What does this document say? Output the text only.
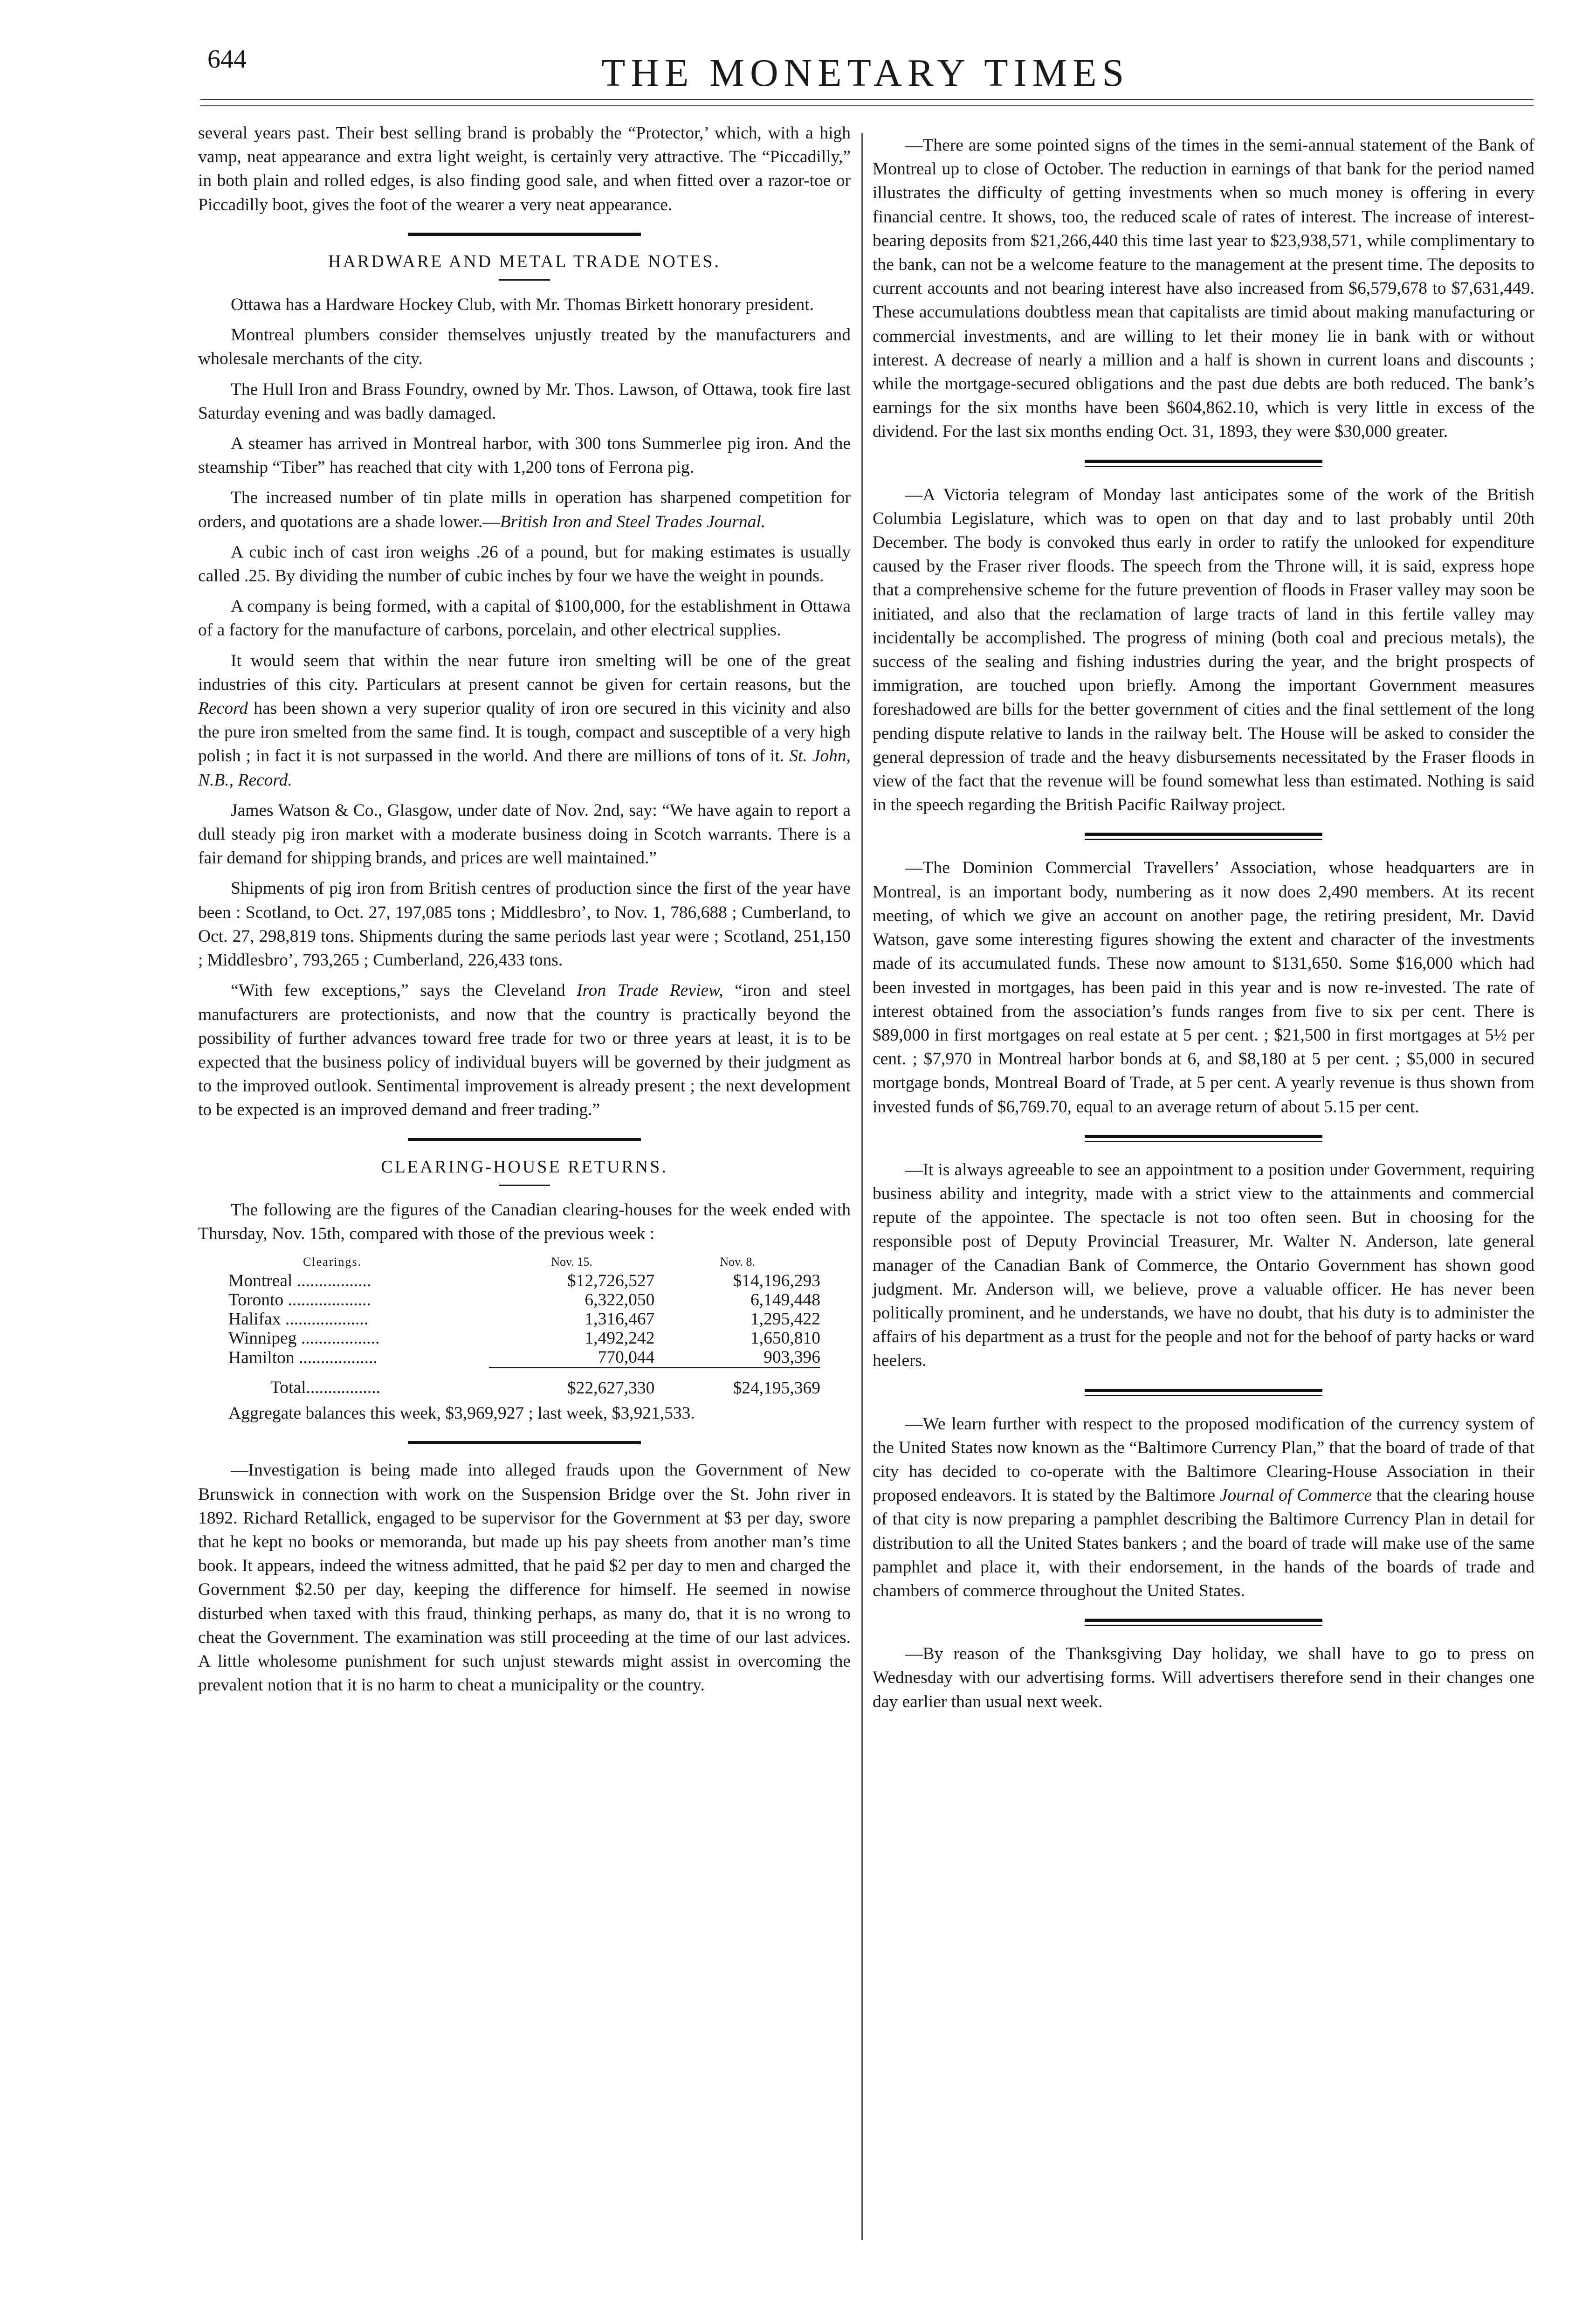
644	THE MONETARY TIMES

several years past. Their best selling brand is probably the “Protector,’ which, with a high vamp, neat appearance and extra light weight, is certainly very attractive. The “Piccadilly,” in both plain and rolled edges, is also finding good sale, and when fitted over a razor-toe or Piccadilly boot, gives the foot of the wearer a very neat appearance.

HARDWARE AND METAL TRADE NOTES.

Ottawa has a Hardware Hockey Club, with Mr. Thomas Birkett honorary president.

Montreal plumbers consider themselves unjustly treated by the manufacturers and wholesale merchants of the city.

The Hull Iron and Brass Foundry, owned by Mr. Thos. Lawson, of Ottawa, took fire last Saturday evening and was badly damaged.

A steamer has arrived in Montreal harbor, with 300 tons Summerlee pig iron. And the steamship “Tiber” has reached that city with 1,200 tons of Ferrona pig.

The increased number of tin plate mills in operation has sharpened competition for orders, and quotations are a shade lower.—British Iron and Steel Trades Journal.

A cubic inch of cast iron weighs .26 of a pound, but for making estimates is usually called .25. By dividing the number of cubic inches by four we have the weight in pounds.

A company is being formed, with a capital of $100,000, for the establishment in Ottawa of a factory for the manufacture of carbons, porcelain, and other electrical supplies.

It would seem that within the near future iron smelting will be one of the great industries of this city. Particulars at present cannot be given for certain reasons, but the Record has been shown a very superior quality of iron ore secured in this vicinity and also the pure iron smelted from the same find. It is tough, compact and susceptible of a very high polish ; in fact it is not surpassed in the world. And there are millions of tons of it. St. John, N.B., Record.

James Watson & Co., Glasgow, under date of Nov. 2nd, say: “We have again to report a dull steady pig iron market with a moderate business doing in Scotch warrants. There is a fair demand for shipping brands, and prices are well maintained.”

Shipments of pig iron from British centres of production since the first of the year have been : Scotland, to Oct. 27, 197,085 tons ; Middlesbro’, to Nov. 1, 786,688 ; Cumberland, to Oct. 27, 298,819 tons. Shipments during the same periods last year were ; Scotland, 251,150 ; Middlesbro’, 793,265 ; Cumberland, 226,433 tons.

“With few exceptions,” says the Cleveland Iron Trade Review, “iron and steel manufacturers are protectionists, and now that the country is practically beyond the possibility of further advances toward free trade for two or three years at least, it is to be expected that the business policy of individual buyers will be governed by their judgment as to the improved outlook. Sentimental improvement is already present ; the next development to be expected is an improved demand and freer trading.”

CLEARING-HOUSE RETURNS.

The following are the figures of the Canadian clearing-houses for the week ended with Thursday, Nov. 15th, compared with those of the previous week :

Clearings.	Nov. 15.	Nov. 8.
Montreal .................	$12,726,527	$14,196,293
Toronto ...................	6,322,050	6,149,448
Halifax ...................	1,316,467	1,295,422
Winnipeg ..................	1,492,242	1,650,810
Hamilton ..................	770,044	903,396
Total.................	$22,627,330	$24,195,369
Aggregate balances this week, $3,969,927 ; last week, $3,921,533.

—Investigation is being made into alleged frauds upon the Government of New Brunswick in connection with work on the Suspension Bridge over the St. John river in 1892. Richard Retallick, engaged to be supervisor for the Government at $3 per day, swore that he kept no books or memoranda, but made up his pay sheets from another man’s time book. It appears, indeed the witness admitted, that he paid $2 per day to men and charged the Government $2.50 per day, keeping the difference for himself. He seemed in nowise disturbed when taxed with this fraud, thinking perhaps, as many do, that it is no wrong to cheat the Government. The examination was still proceeding at the time of our last advices. A little wholesome punishment for such unjust stewards might assist in overcoming the prevalent notion that it is no harm to cheat a municipality or the country.

—There are some pointed signs of the times in the semi-annual statement of the Bank of Montreal up to close of October. The reduction in earnings of that bank for the period named illustrates the difficulty of getting investments when so much money is offering in every financial centre. It shows, too, the reduced scale of rates of interest. The increase of interest-bearing deposits from $21,266,440 this time last year to $23,938,571, while complimentary to the bank, can not be a welcome feature to the management at the present time. The deposits to current accounts and not bearing interest have also increased from $6,579,678 to $7,631,449. These accumulations doubtless mean that capitalists are timid about making manufacturing or commercial investments, and are willing to let their money lie in bank with or without interest. A decrease of nearly a million and a half is shown in current loans and discounts ; while the mortgage-secured obligations and the past due debts are both reduced. The bank’s earnings for the six months have been $604,862.10, which is very little in excess of the dividend. For the last six months ending Oct. 31, 1893, they were $30,000 greater.

—A Victoria telegram of Monday last anticipates some of the work of the British Columbia Legislature, which was to open on that day and to last probably until 20th December. The body is convoked thus early in order to ratify the unlooked for expenditure caused by the Fraser river floods. The speech from the Throne will, it is said, express hope that a comprehensive scheme for the future prevention of floods in Fraser valley may soon be initiated, and also that the reclamation of large tracts of land in this fertile valley may incidentally be accomplished. The progress of mining (both coal and precious metals), the success of the sealing and fishing industries during the year, and the bright prospects of immigration, are touched upon briefly. Among the important Government measures foreshadowed are bills for the better government of cities and the final settlement of the long pending dispute relative to lands in the railway belt. The House will be asked to consider the general depression of trade and the heavy disbursements necessitated by the Fraser floods in view of the fact that the revenue will be found somewhat less than estimated. Nothing is said in the speech regarding the British Pacific Railway project.

—The Dominion Commercial Travellers’ Association, whose headquarters are in Montreal, is an important body, numbering as it now does 2,490 members. At its recent meeting, of which we give an account on another page, the retiring president, Mr. David Watson, gave some interesting figures showing the extent and character of the investments made of its accumulated funds. These now amount to $131,650. Some $16,000 which had been invested in mortgages, has been paid in this year and is now re-invested. The rate of interest obtained from the association’s funds ranges from five to six per cent. There is $89,000 in first mortgages on real estate at 5 per cent. ; $21,500 in first mortgages at 5½ per cent. ; $7,970 in Montreal harbor bonds at 6, and $8,180 at 5 per cent. ; $5,000 in secured mortgage bonds, Montreal Board of Trade, at 5 per cent. A yearly revenue is thus shown from invested funds of $6,769.70, equal to an average return of about 5.15 per cent.

—It is always agreeable to see an appointment to a position under Government, requiring business ability and integrity, made with a strict view to the attainments and commercial repute of the appointee. The spectacle is not too often seen. But in choosing for the responsible post of Deputy Provincial Treasurer, Mr. Walter N. Anderson, late general manager of the Canadian Bank of Commerce, the Ontario Government has shown good judgment. Mr. Anderson will, we believe, prove a valuable officer. He has never been politically prominent, and he understands, we have no doubt, that his duty is to administer the affairs of his department as a trust for the people and not for the behoof of party hacks or ward heelers.

—We learn further with respect to the proposed modification of the currency system of the United States now known as the “Baltimore Currency Plan,” that the board of trade of that city has decided to co-operate with the Baltimore Clearing-House Association in their proposed endeavors. It is stated by the Baltimore Journal of Commerce that the clearing house of that city is now preparing a pamphlet describing the Baltimore Currency Plan in detail for distribution to all the United States bankers ; and the board of trade will make use of the same pamphlet and place it, with their endorsement, in the hands of the boards of trade and chambers of commerce throughout the United States.

—By reason of the Thanksgiving Day holiday, we shall have to go to press on Wednesday with our advertising forms. Will advertisers therefore send in their changes one day earlier than usual next week.
